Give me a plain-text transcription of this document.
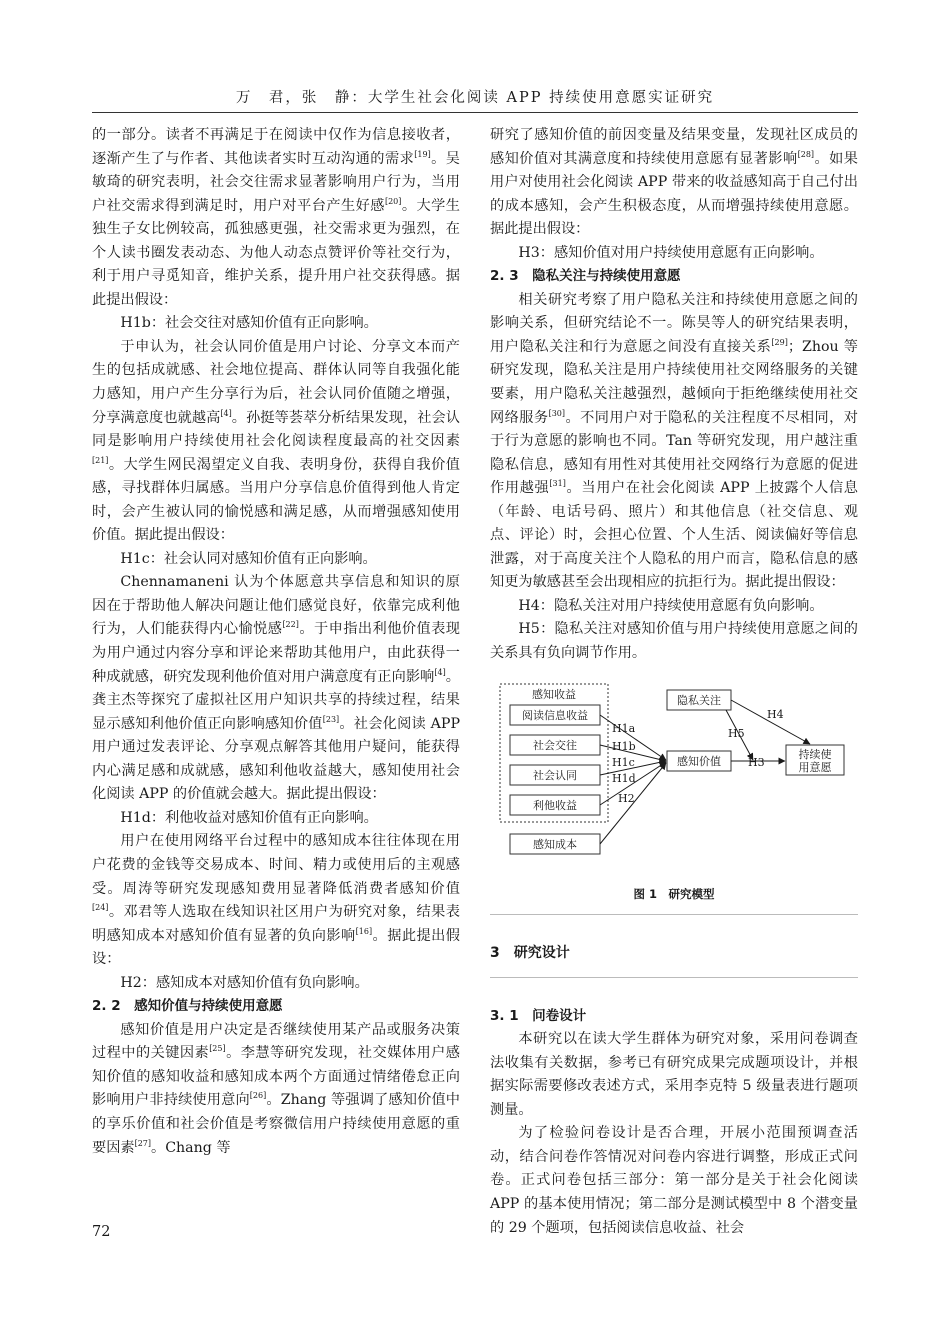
万　君，张　静：大学生社会化阅读 APP 持续使用意愿实证研究

的一部分。读者不再满足于在阅读中仅作为信息接收者，逐渐产生了与作者、其他读者实时互动沟通的需求[19]。吴敏琦的研究表明，社会交往需求显著影响用户行为，当用户社交需求得到满足时，用户对平台产生好感[20]。大学生独生子女比例较高，孤独感更强，社交需求更为强烈，在个人读书圈发表动态、为他人动态点赞评价等社交行为，利于用户寻觅知音，维护关系，提升用户社交获得感。据此提出假设：

H1b：社会交往对感知价值有正向影响。

于申认为，社会认同价值是用户讨论、分享文本而产生的包括成就感、社会地位提高、群体认同等自我强化能力感知，用户产生分享行为后，社会认同价值随之增强，分享满意度也就越高[4]。孙挺等荟萃分析结果发现，社会认同是影响用户持续使用社会化阅读程度最高的社交因素[21]。大学生网民渴望定义自我、表明身份，获得自我价值感，寻找群体归属感。当用户分享信息价值得到他人肯定时，会产生被认同的愉悦感和满足感，从而增强感知使用价值。据此提出假设：

H1c：社会认同对感知价值有正向影响。

Chennamaneni 认为个体愿意共享信息和知识的原因在于帮助他人解决问题让他们感觉良好，依靠完成利他行为，人们能获得内心愉悦感[22]。于申指出利他价值表现为用户通过内容分享和评论来帮助其他用户，由此获得一种成就感，研究发现利他价值对用户满意度有正向影响[4]。龚主杰等探究了虚拟社区用户知识共享的持续过程，结果显示感知利他价值正向影响感知价值[23]。社会化阅读 APP 用户通过发表评论、分享观点解答其他用户疑问，能获得内心满足感和成就感，感知利他收益越大，感知使用社会化阅读 APP 的价值就会越大。据此提出假设：

H1d：利他收益对感知价值有正向影响。

用户在使用网络平台过程中的感知成本往往体现在用户花费的金钱等交易成本、时间、精力或使用后的主观感受。周涛等研究发现感知费用显著降低消费者感知价值[24]。邓君等人选取在线知识社区用户为研究对象，结果表明感知成本对感知价值有显著的负向影响[16]。据此提出假设：

H2：感知成本对感知价值有负向影响。

2. 2　感知价值与持续使用意愿

感知价值是用户决定是否继续使用某产品或服务决策过程中的关键因素[25]。李慧等研究发现，社交媒体用户感知价值的感知收益和感知成本两个方面通过情绪倦怠正向影响用户非持续使用意向[26]。Zhang 等强调了感知价值中的享乐价值和社会价值是考察微信用户持续使用意愿的重要因素[27]。Chang 等

研究了感知价值的前因变量及结果变量，发现社区成员的感知价值对其满意度和持续使用意愿有显著影响[28]。如果用户对使用社会化阅读 APP 带来的收益感知高于自己付出的成本感知，会产生积极态度，从而增强持续使用意愿。据此提出假设：

H3：感知价值对用户持续使用意愿有正向影响。

2. 3　隐私关注与持续使用意愿

相关研究考察了用户隐私关注和持续使用意愿之间的影响关系，但研究结论不一。陈昊等人的研究结果表明，用户隐私关注和行为意愿之间没有直接关系[29]；Zhou 等研究发现，隐私关注是用户持续使用社交网络服务的关键要素，用户隐私关注越强烈，越倾向于拒绝继续使用社交网络服务[30]。不同用户对于隐私的关注程度不尽相同，对于行为意愿的影响也不同。Tan 等研究发现，用户越注重隐私信息，感知有用性对其使用社交网络行为意愿的促进作用越强[31]。当用户在社会化阅读 APP 上披露个人信息（年龄、电话号码、照片）和其他信息（社交信息、观点、评论）时，会担心位置、个人生活、阅读偏好等信息泄露，对于高度关注个人隐私的用户而言，隐私信息的感知更为敏感甚至会出现相应的抗拒行为。据此提出假设：

H4：隐私关注对用户持续使用意愿有负向影响。

H5：隐私关注对感知价值与用户持续使用意愿之间的关系具有负向调节作用。

感知收益
阅读信息收益
社会交往
社会认同
利他收益
感知成本
隐私关注
感知价值
持续使
用意愿
H1a
H1b
H1c
H1d
H2
H3
H4
H5
图 1　研究模型
3　研究设计
3. 1　问卷设计

本研究以在读大学生群体为研究对象，采用问卷调查法收集有关数据，参考已有研究成果完成题项设计，并根据实际需要修改表述方式，采用李克特 5 级量表进行题项测量。

为了检验问卷设计是否合理，开展小范围预调查活动，结合问卷作答情况对问卷内容进行调整，形成正式问卷。正式问卷包括三部分：第一部分是关于社会化阅读 APP 的基本使用情况；第二部分是测试模型中 8 个潜变量的 29 个题项，包括阅读信息收益、社会

72
